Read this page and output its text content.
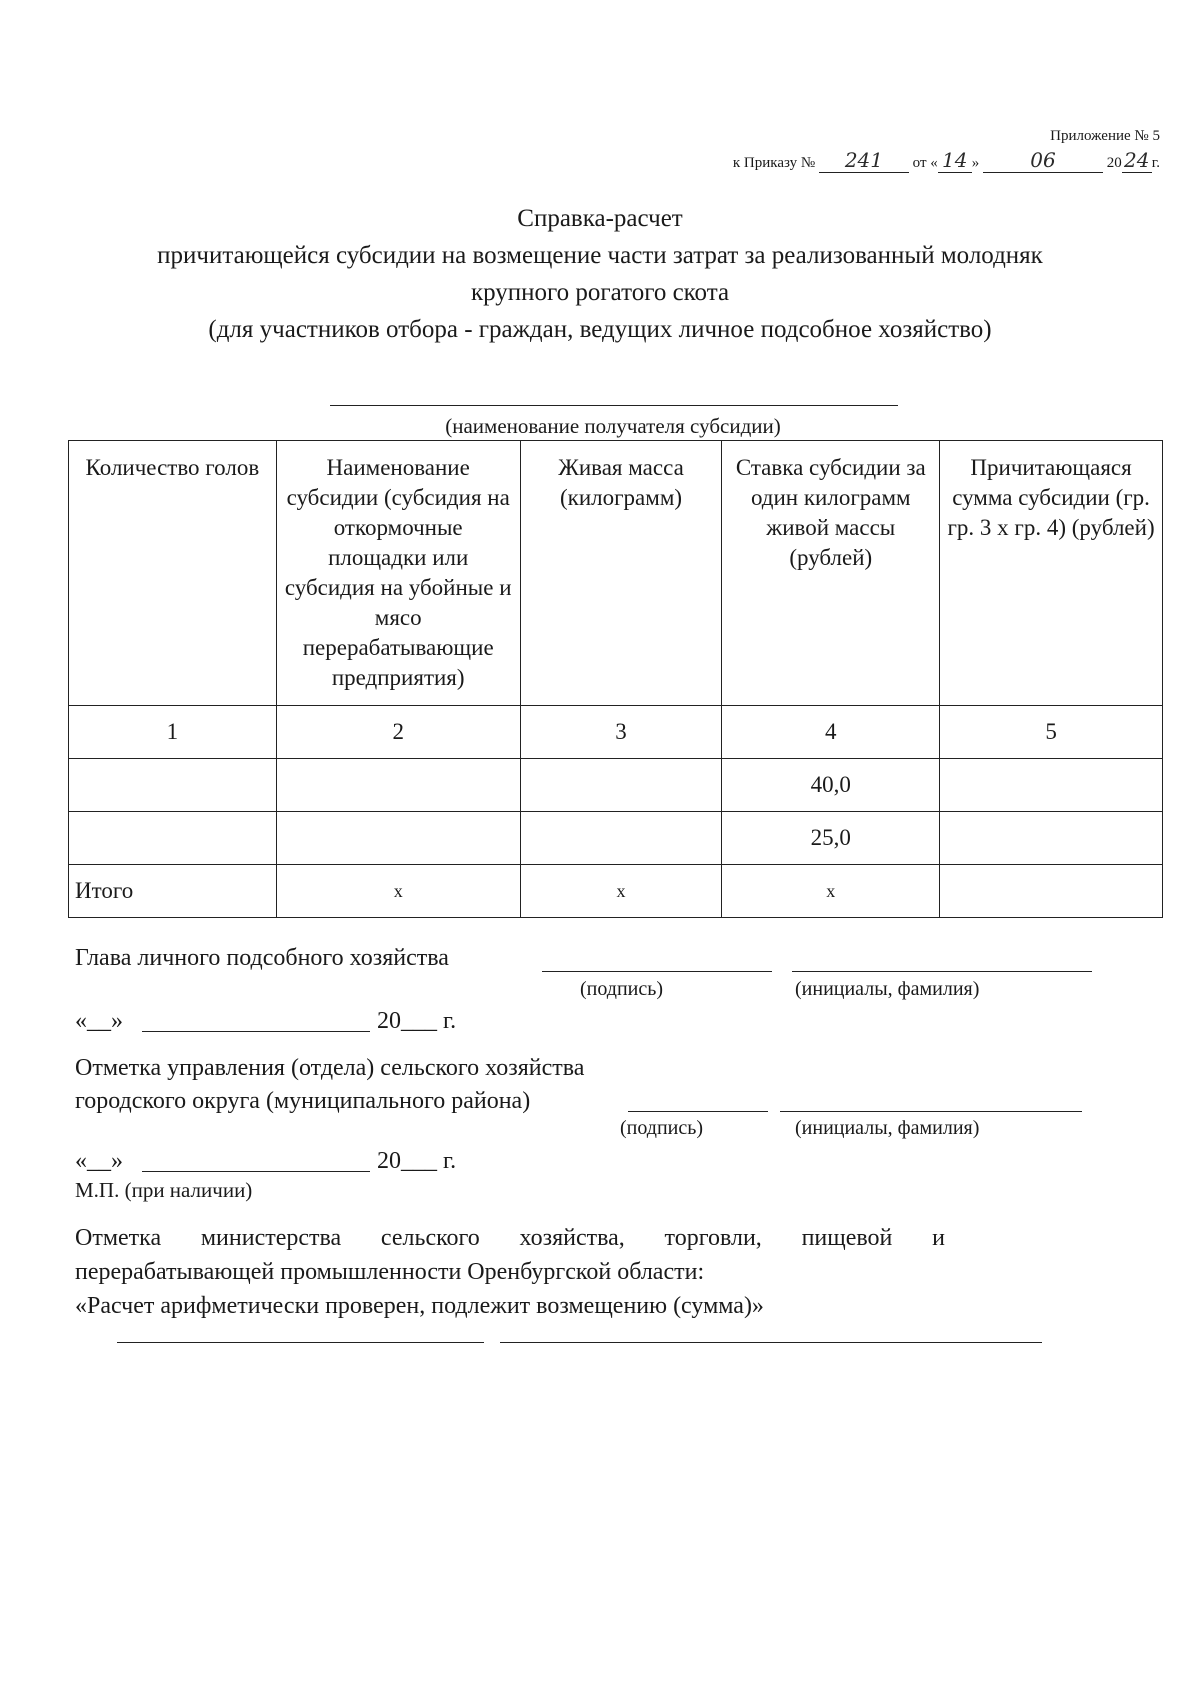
Приложение № 5
к Приказу № 241 от « 14 »	06	20 24 г.
Справка-расчет
причитающейся субсидии на возмещение части затрат за реализованный молодняк
крупного рогатого скота
(для участников отбора - граждан, ведущих личное подсобное хозяйство)
(наименование получателя субсидии)
Количество голов	Наименование субсидии (субсидия на откормочные площадки или субсидия на убойные и мясо перерабатывающие предприятия)	Живая масса (килограмм)	Ставка субсидии за один килограмм живой массы (рублей)	Причитающаяся сумма субсидии (гр. гр. 3 х гр. 4) (рублей)
1	2	3	4	5
			40,0	
			25,0	
Итого	х	х	х	
Глава личного подсобного хозяйства
(подпись)	(инициалы, фамилия)
«__»	20___ г.
Отметка управления (отдела) сельского хозяйства
городского округа (муниципального района)
(подпись)	(инициалы, фамилия)
«__»	20___ г.
М.П. (при наличии)
Отметка министерства сельского хозяйства, торговли, пищевой и
перерабатывающей промышленности Оренбургской области:
«Расчет арифметически проверен, подлежит возмещению (сумма)»
